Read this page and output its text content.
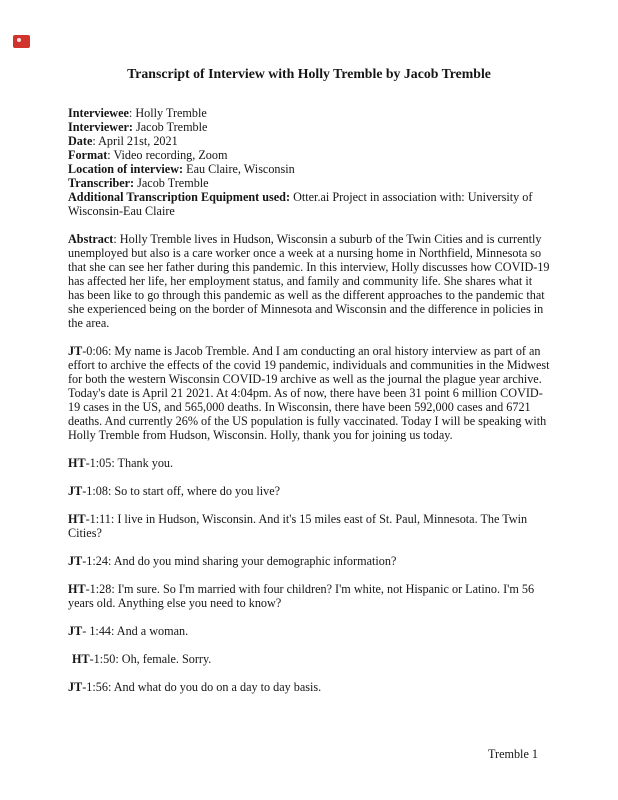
Transcript of Interview with Holly Tremble by Jacob Tremble

Interviewee: Holly Tremble

Interviewer: Jacob Tremble

Date: April 21st, 2021

Format: Video recording, Zoom

Location of interview: Eau Claire, Wisconsin

Transcriber: Jacob Tremble

Additional Transcription Equipment used: Otter.ai Project in association with: University of Wisconsin-Eau Claire

Abstract: Holly Tremble lives in Hudson, Wisconsin a suburb of the Twin Cities and is currently unemployed but also is a care worker once a week at a nursing home in Northfield, Minnesota so that she can see her father during this pandemic. In this interview, Holly discusses how COVID-19 has affected her life, her employment status, and family and community life. She shares what it has been like to go through this pandemic as well as the different approaches to the pandemic that she experienced being on the border of Minnesota and Wisconsin and the difference in policies in the area.

JT-0:06: My name is Jacob Tremble. And I am conducting an oral history interview as part of an effort to archive the effects of the covid 19 pandemic, individuals and communities in the Midwest for both the western Wisconsin COVID-19 archive as well as the journal the plague year archive. Today's date is April 21 2021. At 4:04pm. As of now, there have been 31 point 6 million COVID-19 cases in the US, and 565,000 deaths. In Wisconsin, there have been 592,000 cases and 6721 deaths. And currently 26% of the US population is fully vaccinated. Today I will be speaking with Holly Tremble from Hudson, Wisconsin. Holly, thank you for joining us today.

HT-1:05: Thank you.

JT-1:08: So to start off, where do you live?

HT-1:11: I live in Hudson, Wisconsin. And it's 15 miles east of St. Paul, Minnesota. The Twin Cities?

JT-1:24: And do you mind sharing your demographic information?

HT-1:28: I'm sure. So I'm married with four children? I'm white, not Hispanic or Latino. I'm 56 years old. Anything else you need to know?

JT- 1:44: And a woman.

HT-1:50: Oh, female. Sorry.

JT-1:56: And what do you do on a day to day basis.

Tremble 1
